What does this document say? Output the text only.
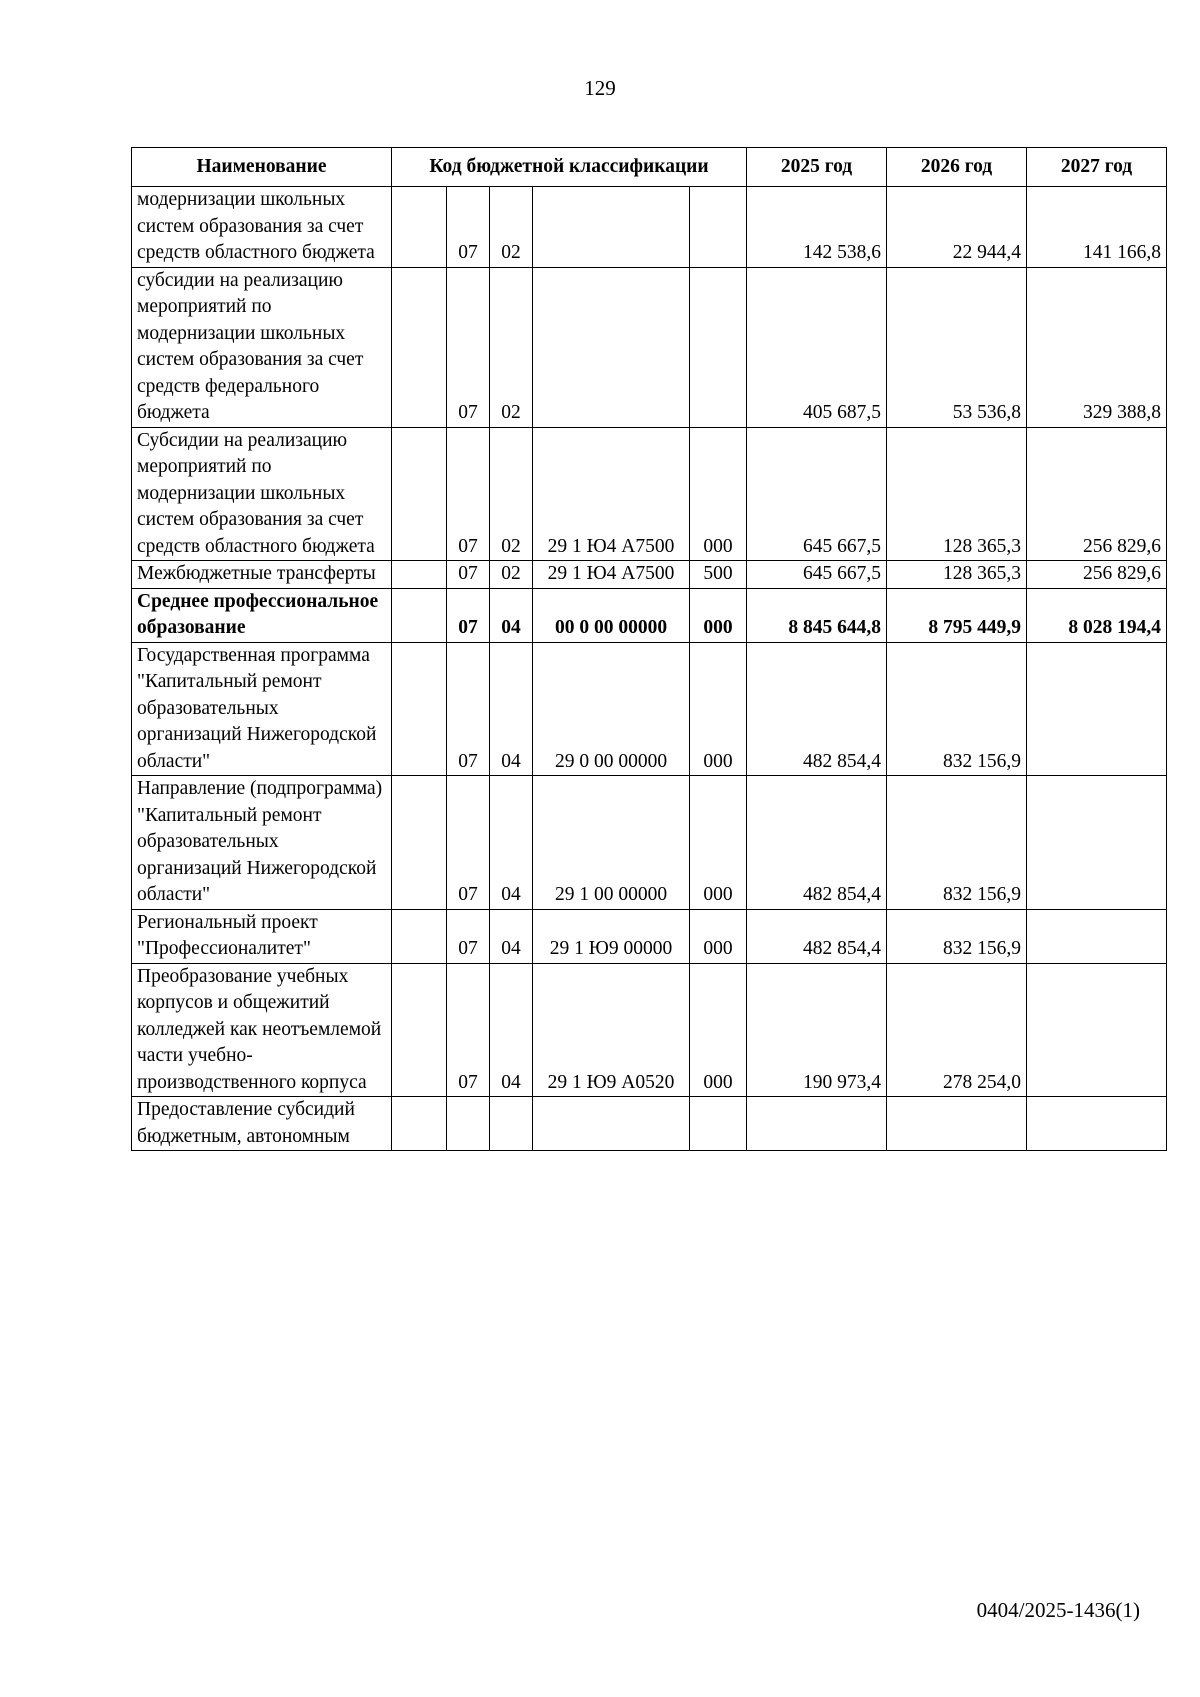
129
Наименование	Код бюджетной классификации					2025 год	2026 год	2027 год
модернизации школьных систем образования за счет средств областного бюджета		07	02			142 538,6	22 944,4	141 166,8
субсидии на реализацию мероприятий по модернизации школьных систем образования за счет средств федерального бюджета		07	02			405 687,5	53 536,8	329 388,8
Субсидии на реализацию мероприятий по модернизации школьных систем образования за счет средств областного бюджета		07	02	29 1 Ю4 А7500	000	645 667,5	128 365,3	256 829,6
Межбюджетные трансферты		07	02	29 1 Ю4 А7500	500	645 667,5	128 365,3	256 829,6
Среднее профессиональное образование		07	04	00 0 00 00000	000	8 845 644,8	8 795 449,9	8 028 194,4
Государственная программа "Капитальный ремонт образовательных организаций Нижегородской области"		07	04	29 0 00 00000	000	482 854,4	832 156,9	
Направление (подпрограмма) "Капитальный ремонт образовательных организаций Нижегородской области"		07	04	29 1 00 00000	000	482 854,4	832 156,9	
Региональный проект "Профессионалитет"		07	04	29 1 Ю9 00000	000	482 854,4	832 156,9	
Преобразование учебных корпусов и общежитий колледжей как неотъемлемой части учебно-производственного корпуса		07	04	29 1 Ю9 А0520	000	190 973,4	278 254,0	
Предоставление субсидий бюджетным, автономным								
0404/2025-1436(1)
